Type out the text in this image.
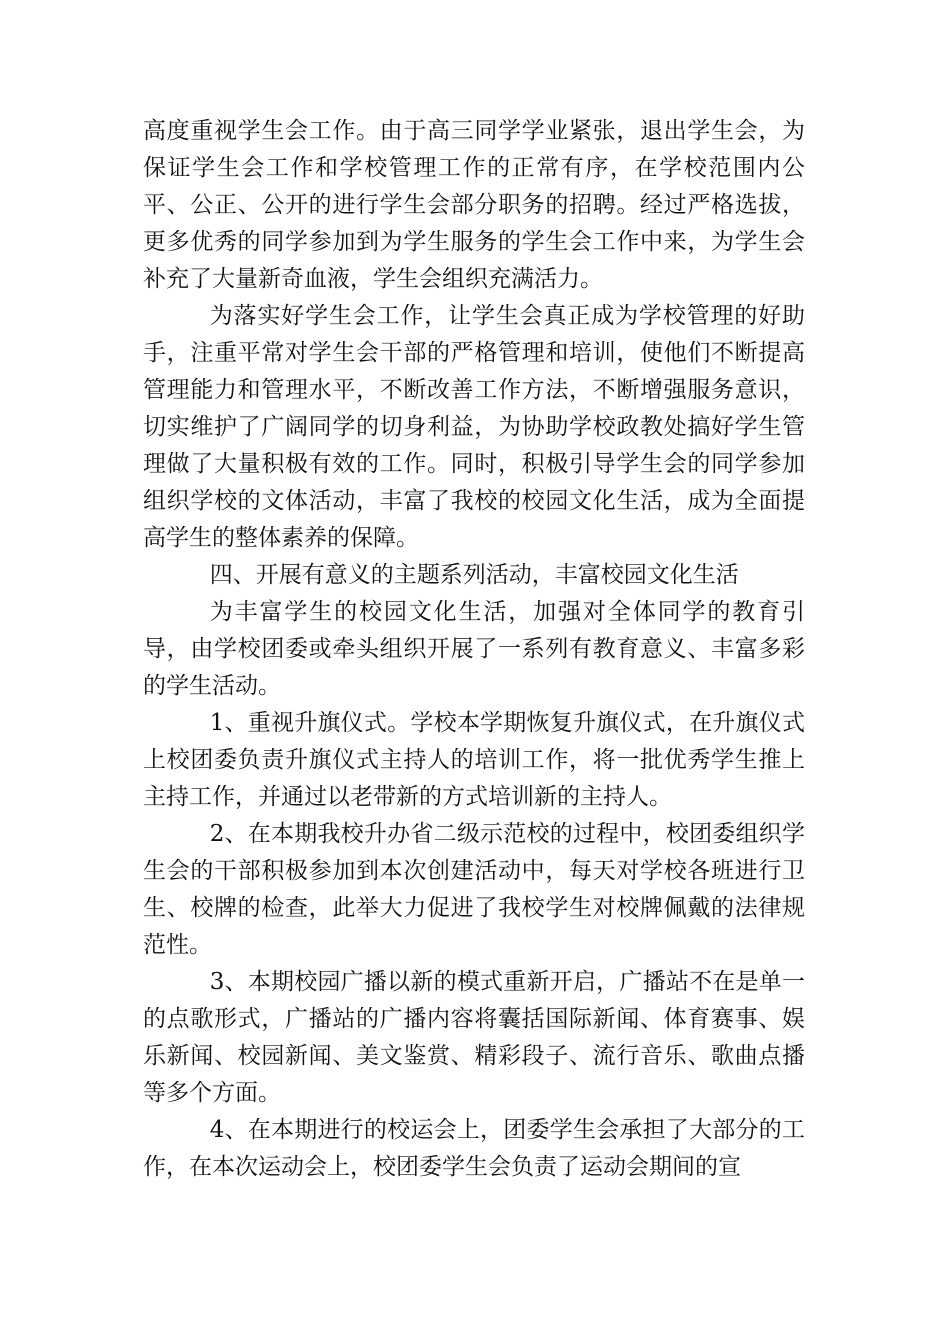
高度重视学生会工作。由于高三同学学业紧张，退出学生会，为保证学生会工作和学校管理工作的正常有序，在学校范围内公平、公正、公开的进行学生会部分职务的招聘。经过严格选拔，更多优秀的同学参加到为学生服务的学生会工作中来，为学生会补充了大量新奇血液，学生会组织充满活力。

为落实好学生会工作，让学生会真正成为学校管理的好助手，注重平常对学生会干部的严格管理和培训，使他们不断提高管理能力和管理水平，不断改善工作方法，不断增强服务意识，切实维护了广阔同学的切身利益，为协助学校政教处搞好学生管理做了大量积极有效的工作。同时，积极引导学生会的同学参加组织学校的文体活动，丰富了我校的校园文化生活，成为全面提高学生的整体素养的保障。

四、开展有意义的主题系列活动，丰富校园文化生活

为丰富学生的校园文化生活，加强对全体同学的教育引导，由学校团委或牵头组织开展了一系列有教育意义、丰富多彩的学生活动。

1、重视升旗仪式。学校本学期恢复升旗仪式，在升旗仪式上校团委负责升旗仪式主持人的培训工作，将一批优秀学生推上主持工作，并通过以老带新的方式培训新的主持人。

2、在本期我校升办省二级示范校的过程中，校团委组织学生会的干部积极参加到本次创建活动中，每天对学校各班进行卫生、校牌的检查，此举大力促进了我校学生对校牌佩戴的法律规范性。

3、本期校园广播以新的模式重新开启，广播站不在是单一的点歌形式，广播站的广播内容将囊括国际新闻、体育赛事、娱乐新闻、校园新闻、美文鉴赏、精彩段子、流行音乐、歌曲点播等多个方面。

4、在本期进行的校运会上，团委学生会承担了大部分的工作，在本次运动会上，校团委学生会负责了运动会期间的宣
